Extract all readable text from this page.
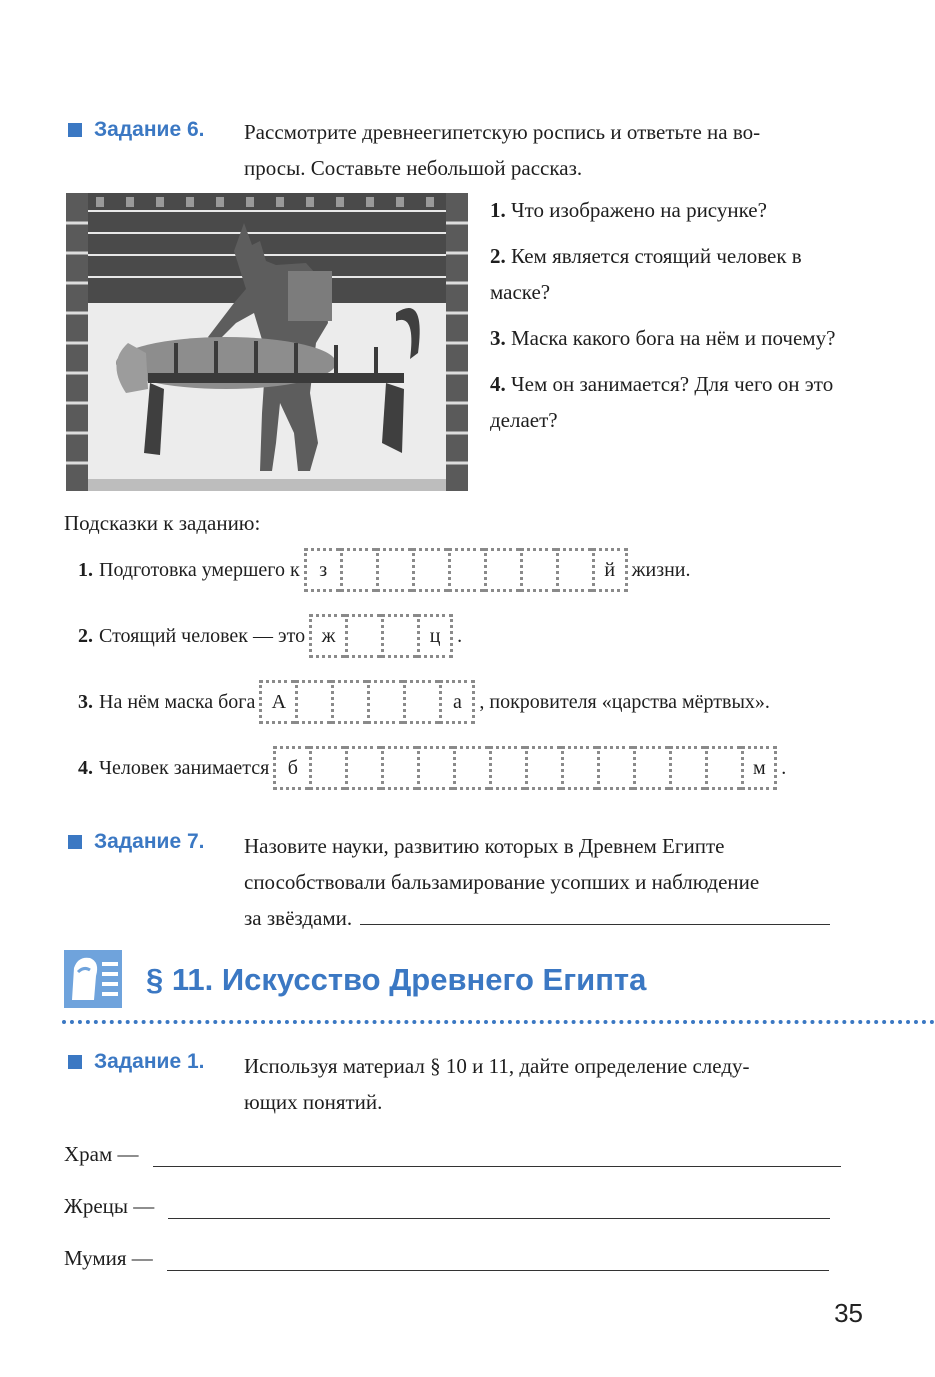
Задание 6. Рассмотрите древнеегипетскую роспись и ответьте на во-
просы. Составьте небольшой рассказ.

1. Что изображено на рисунке?

2. Кем является стоящий человек в маске?

3. Маска какого бога на нём и почему?

4. Чем он занимается? Для чего он это делает?

Подсказки к заданию:
1. Подготовка умершего к з	й жизни.
2. Стоящий человек — это ж	ц .
3. На нём маска бога А	а , покровителя «царства мёртвых».
4. Человек занимается б	м .
Задание 7. Назовите науки, развитию которых в Древнем Египте
способствовали бальзамирование усопших и наблюдение
за звёздами.
§ 11. Искусство Древнего Египта
Задание 1. Используя материал § 10 и 11, дайте определение следу-
ющих понятий.
Храм —
Жрецы —
Мумия —
35
